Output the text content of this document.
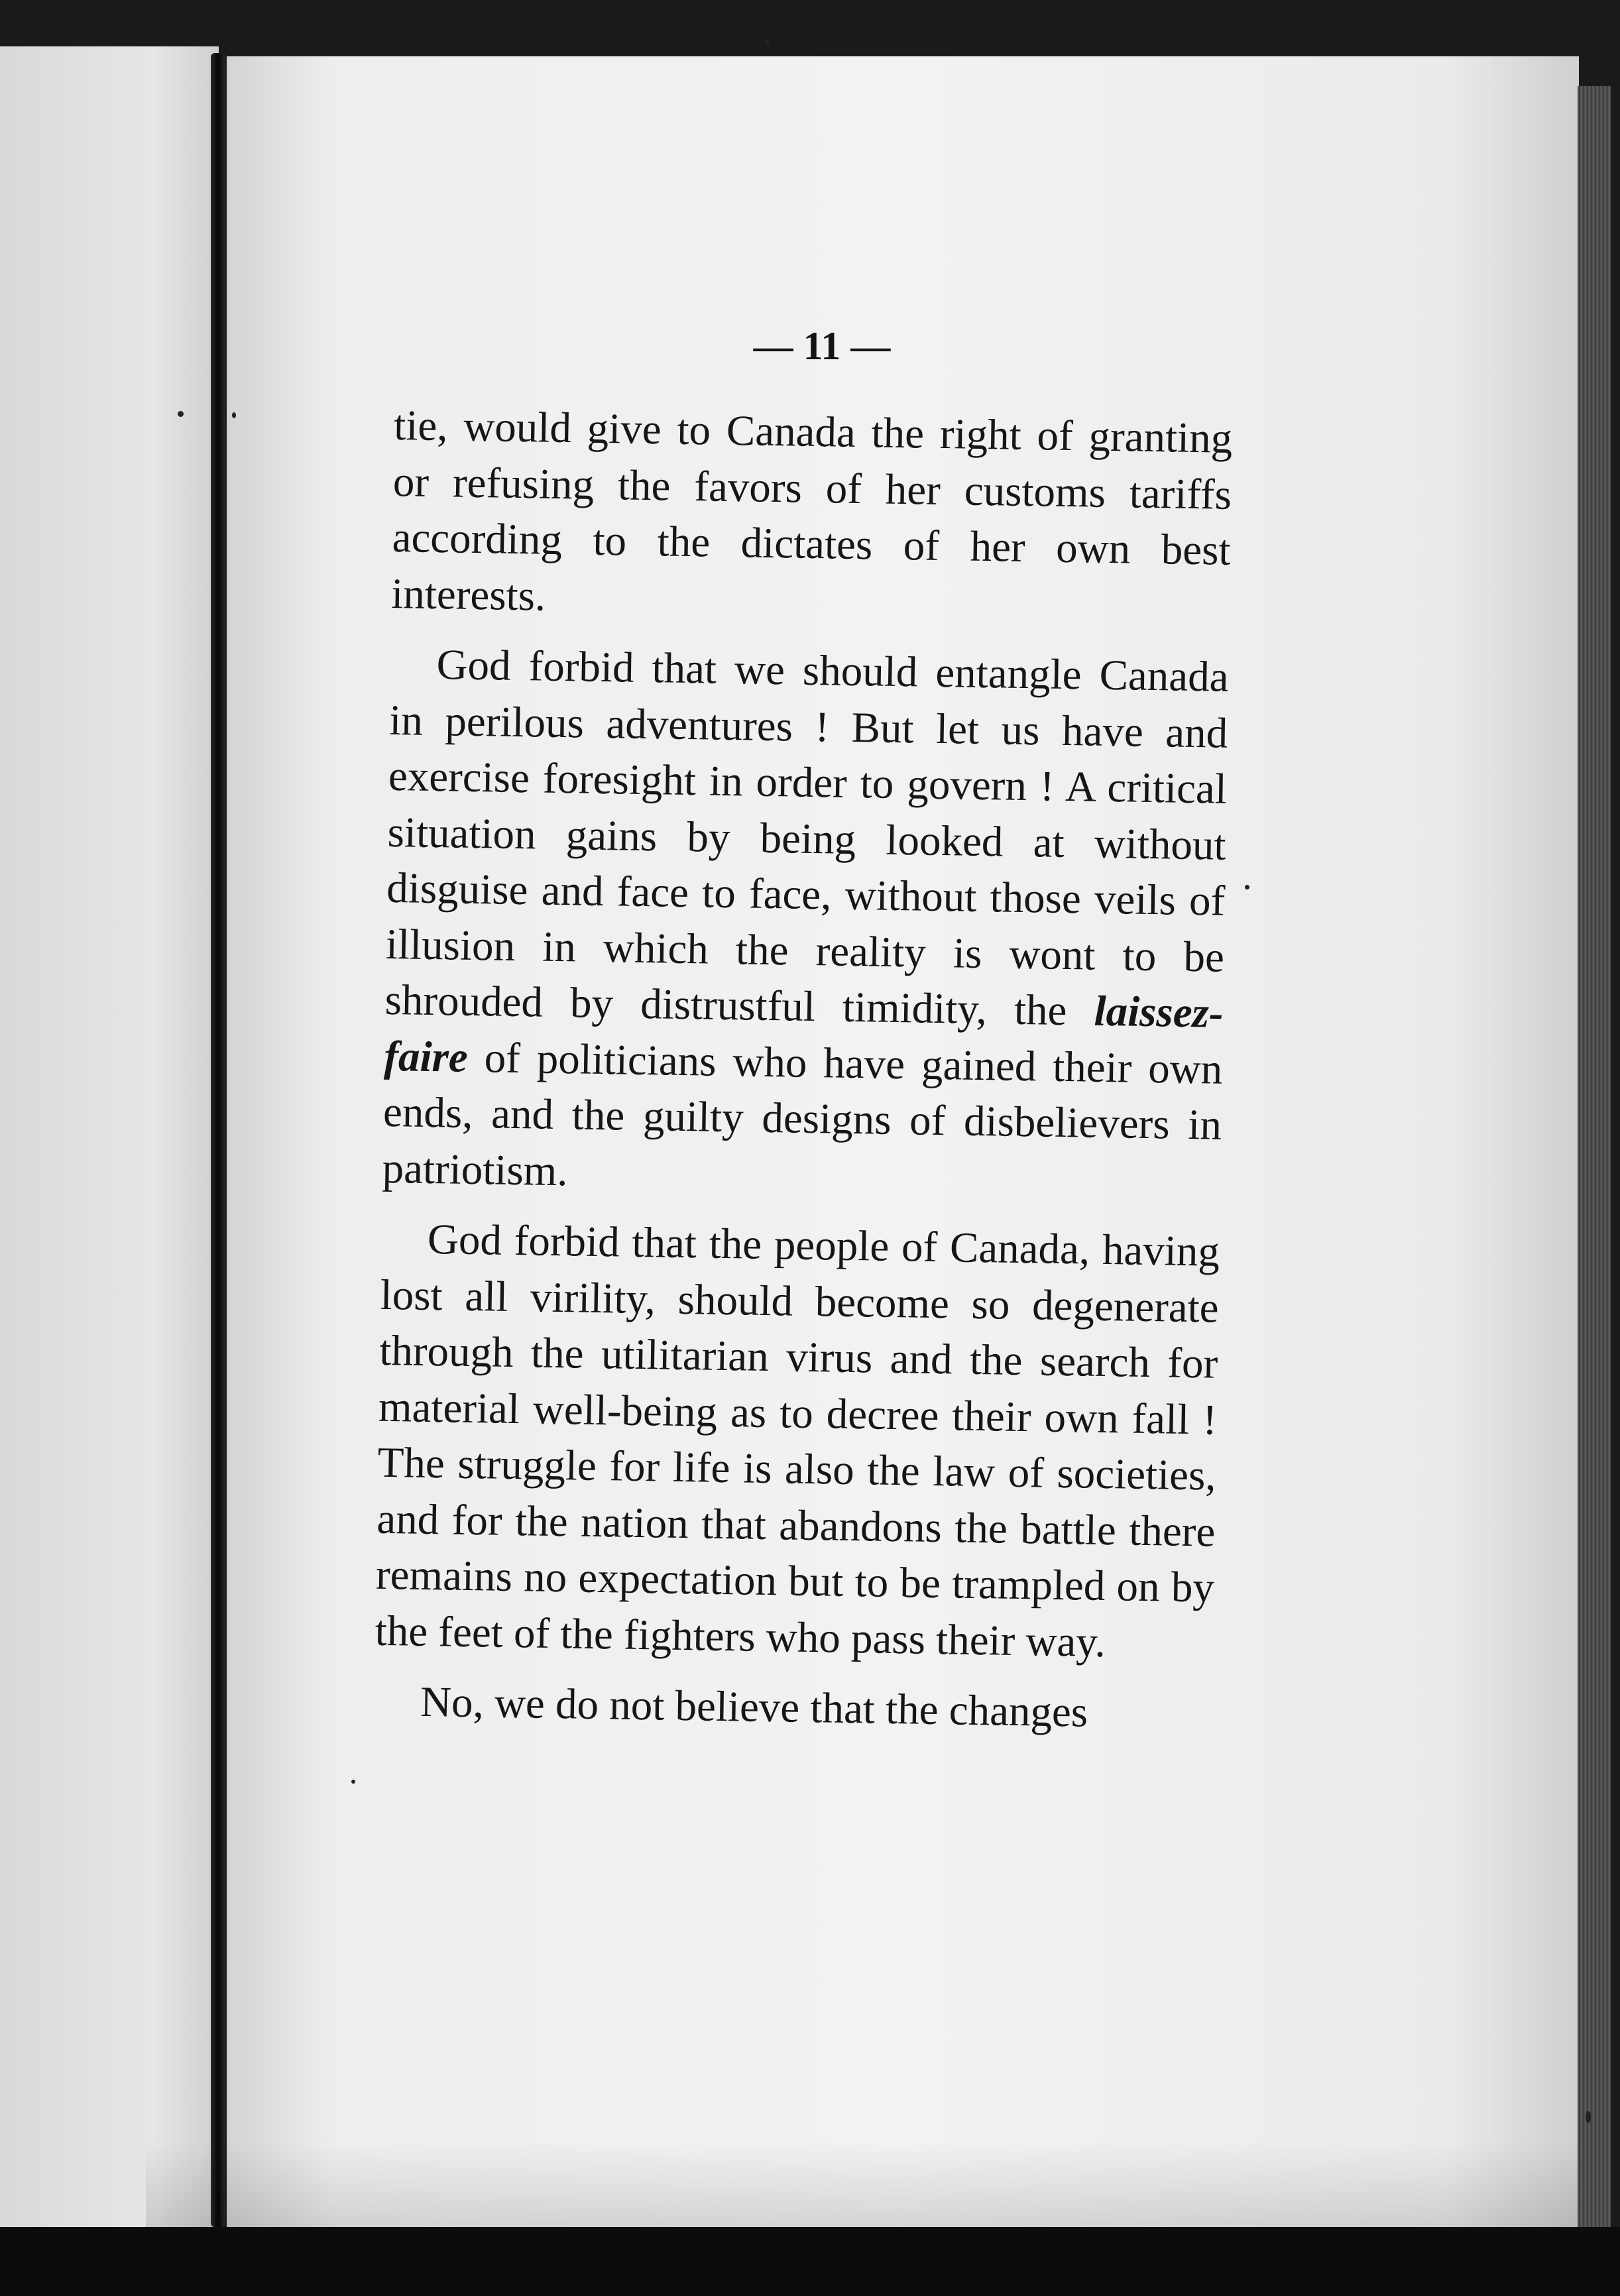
— 11 —

tie, would give to Canada the right of granting or refusing the favors of her customs tariffs according to the dictates of her own best interests.

God forbid that we should entangle Canada in perilous adventures ! But let us have and exercise foresight in order to govern ! A critical situation gains by being looked at without disguise and face to face, without those veils of illusion in which the reality is wont to be shrouded by distrustful timidity, the laissez-faire of politicians who have gained their own ends, and the guilty designs of disbelievers in patriotism.

God forbid that the people of Canada, having lost all virility, should become so degenerate through the utilitarian virus and the search for material well-being as to decree their own fall ! The struggle for life is also the law of societies, and for the nation that abandons the battle there remains no expectation but to be trampled on by the feet of the fighters who pass their way.

No, we do not believe that the changes
